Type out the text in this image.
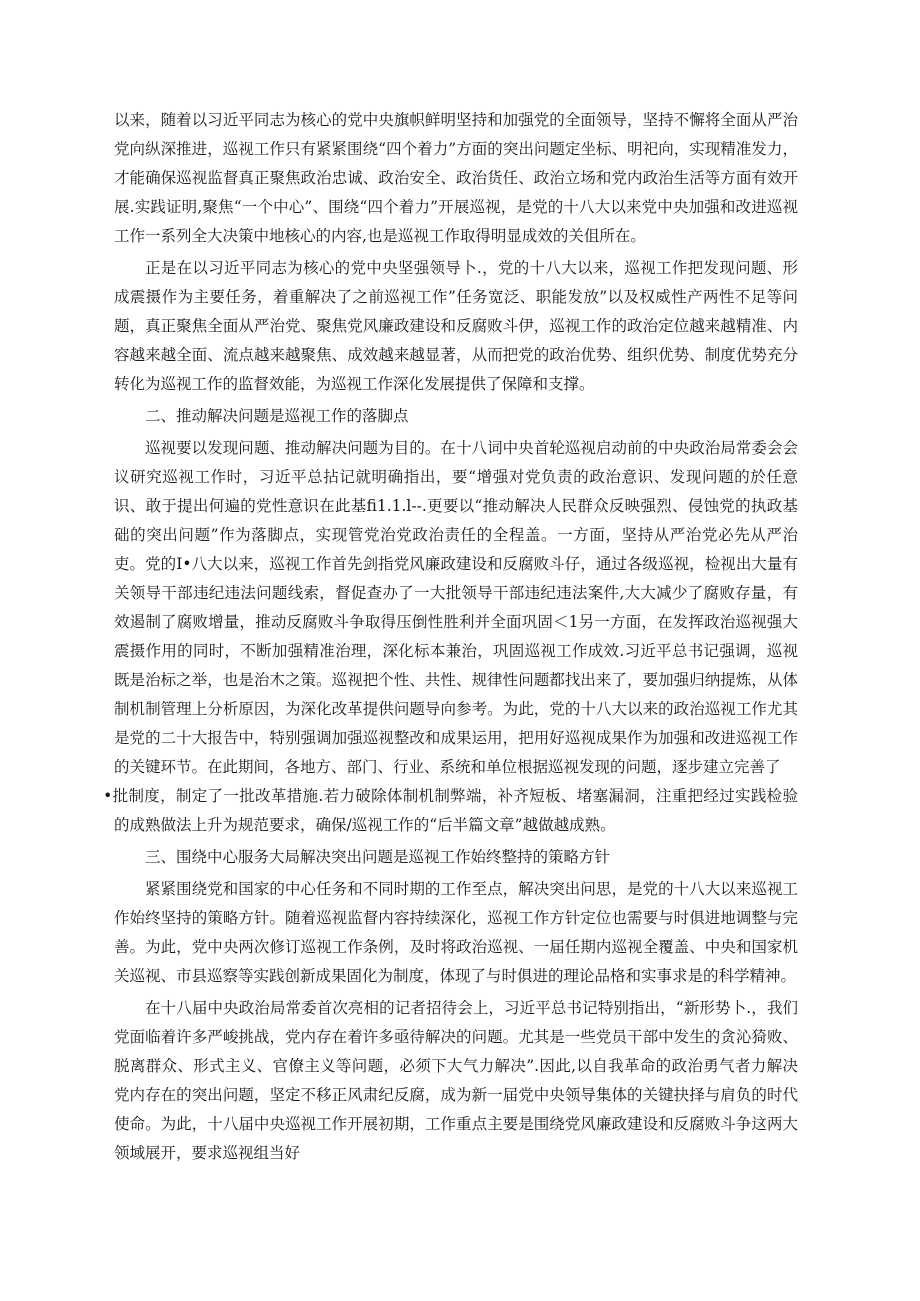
以来，随着以习近平同志为核心的党中央旗帜鲜明坚持和加强党的全面领导，坚持不懈将全面从严治党向纵深推进，巡视工作只有紧紧围绕“四个着力”方面的突出问题定坐标、明祀向，实现精准发力，才能确保巡视监督真正聚焦政治忠诚、政治安全、政治货任、政治立场和党内政治生活等方面有效开展.实践证明,聚焦“一个中心”、围绕“四个着力”开展巡视，是党的十八大以来党中央加强和改进巡视工作一系列全大决策中地核心的内容,也是巡视工作取得明显成效的关伹所在。

正是在以习近平同志为核心的党中央坚强领导卜.，党的十八大以来，巡视工作把发现问题、形成震摄作为主要任务，着重解决了之前巡视工作”任务宽泛、职能发放”以及权威性产两性不足等问题，真正聚焦全面从严治党、聚焦党风廉政建设和反腐败斗伊，巡视工作的政治定位越来越精准、内容越来越全面、流点越来越聚焦、成效越来越显著，从而把党的政治优势、组织优势、制度优势充分转化为巡视工作的监督效能，为巡视工作深化发展提供了保障和支撑。

二、推动解决问题是巡视工作的落脚点

巡视要以发现问题、推动解决问题为目的。在十八词中央首轮巡视启动前的中央政治局常委会会议研究巡视工作时，习近平总拈记就明确指出，要“增强对党负责的政治意识、发现问题的於任意识、敢于提出何遍的党性意识在此基fi1.1.l--.更要以“推动解决人民群众反映强烈、侵蚀党的执政基础的突出问题”作为落脚点，实现管党治党政治责任的全程盖。一方面，坚持从严治党必先从严治吏。党的I•八大以来，巡视工作首先剑指党风廉政建设和反腐败斗仔，通过各级巡视，检视出大量有关领导干部违纪违法问题线索，督促查办了一大批领导干部违纪违法案件,大大减少了腐败存量，有效遏制了腐败增量，推动反腐败斗争取得压倒性胜利并全面巩固＜1另一方面，在发挥政治巡视强大震摄作用的同时，不断加强精准治理，深化标本兼治，巩固巡视工作成效.习近平总书记强调，巡视既是治标之举，也是治木之策。巡视把个性、共性、规律性问题都找出来了，要加强归纳提炼，从体制机制管理上分析原因，为深化改革提供问题导向参考。为此，党的十八大以来的政治巡视工作尤其是党的二十大报告中，特别强调加强巡视整改和成果运用，把用好巡视成果作为加强和改进巡视工作的关键环节。在此期间，各地方、部门、行业、系统和单位根据巡视发现的问题，逐步建立完善了

•批制度，制定了一批改革措施.若力破除体制机制弊端，补齐短板、堵塞漏洞，注重把经过实践检验的成熟做法上升为规范要求，确保/巡视工作的“后半篇文章”越做越成熟。

三、围绕中心服务大局解决突出问题是巡视工作始终整持的策略方针

紧紧围绕党和国家的中心任务和不同时期的工作至点，解决突出问思，是党的十八大以来巡视工作始终坚持的策略方针。随着巡视监督内容持续深化，巡视工作方针定位也需要与时俱进地调整与完善。为此，党中央两次修订巡视工作条例，及时将政治巡视、一届任期内巡视全覆盖、中央和国家机关巡视、市县巡察等实践创新成果固化为制度，体现了与时俱进的理论品格和实事求是的科学精神。

在十八届中央政治局常委首次亮相的记者招待会上，习近平总书记特别指出，“新形势卜.，我们党面临着许多严峻挑战，党内存在着许多亟待解决的问题。尤其是一些党员干部中发生的贪沁猗败、脱离群众、形式主义、官僚主义等问题，必须下大气力解决”.因此,以自我革命的政治勇气者力解决党内存在的突出问题，坚定不移正风肃纪反腐，成为新一届党中央领导集体的关键抉择与肩负的时代使命。为此，十八届中央巡视工作开展初期，工作重点主要是围绕党风廉政建设和反腐败斗争这两大领域展开，要求巡视组当好
